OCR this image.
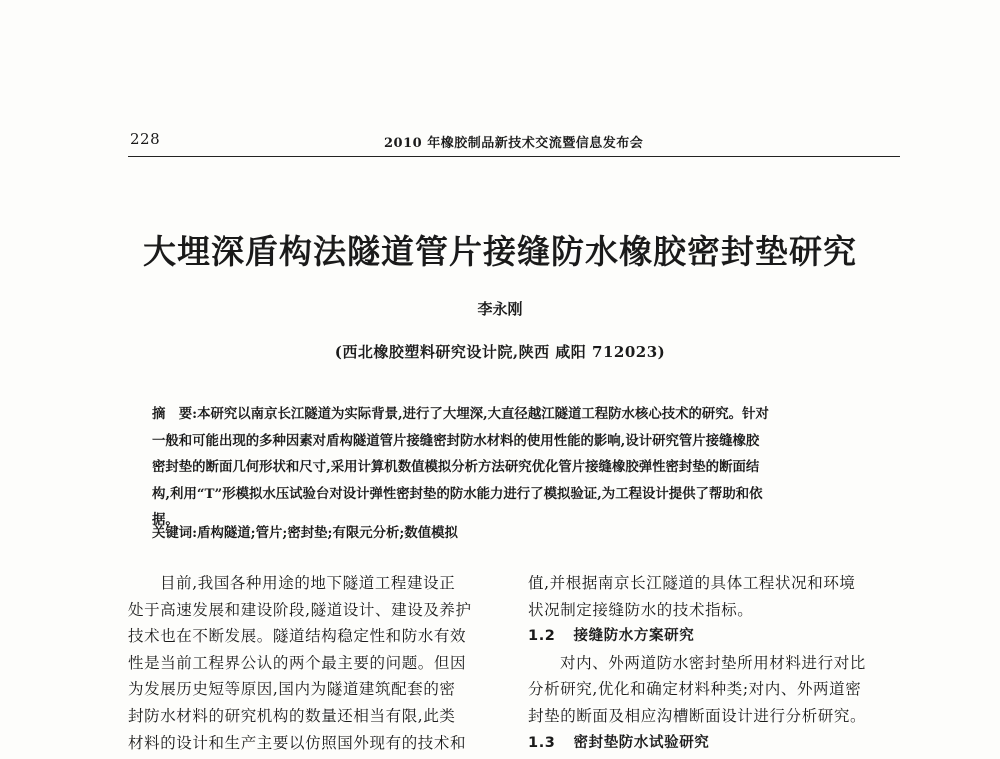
228	2010 年橡胶制品新技术交流暨信息发布会
大埋深盾构法隧道管片接缝防水橡胶密封垫研究
李永刚
(西北橡胶塑料研究设计院,陕西 咸阳 712023)
摘　要:本研究以南京长江隧道为实际背景,进行了大埋深,大直径越江隧道工程防水核心技术的研究。针对
一般和可能出现的多种因素对盾构隧道管片接缝密封防水材料的使用性能的影响,设计研究管片接缝橡胶
密封垫的断面几何形状和尺寸,采用计算机数值模拟分析方法研究优化管片接缝橡胶弹性密封垫的断面结
构,利用“T”形模拟水压试验台对设计弹性密封垫的防水能力进行了模拟验证,为工程设计提供了帮助和依
据。
关键词:盾构隧道;管片;密封垫;有限元分析;数值模拟
目前,我国各种用途的地下隧道工程建设正
处于高速发展和建设阶段,隧道设计、建设及养护
技术也在不断发展。隧道结构稳定性和防水有效
性是当前工程界公认的两个最主要的问题。但因
为发展历史短等原因,国内为隧道建筑配套的密
封防水材料的研究机构的数量还相当有限,此类
材料的设计和生产主要以仿照国外现有的技术和
值,并根据南京长江隧道的具体工程状况和环境
状况制定接缝防水的技术指标。
1.2 接缝防水方案研究
对内、外两道防水密封垫所用材料进行对比
分析研究,优化和确定材料种类;对内、外两道密
封垫的断面及相应沟槽断面设计进行分析研究。
1.3 密封垫防水试验研究
